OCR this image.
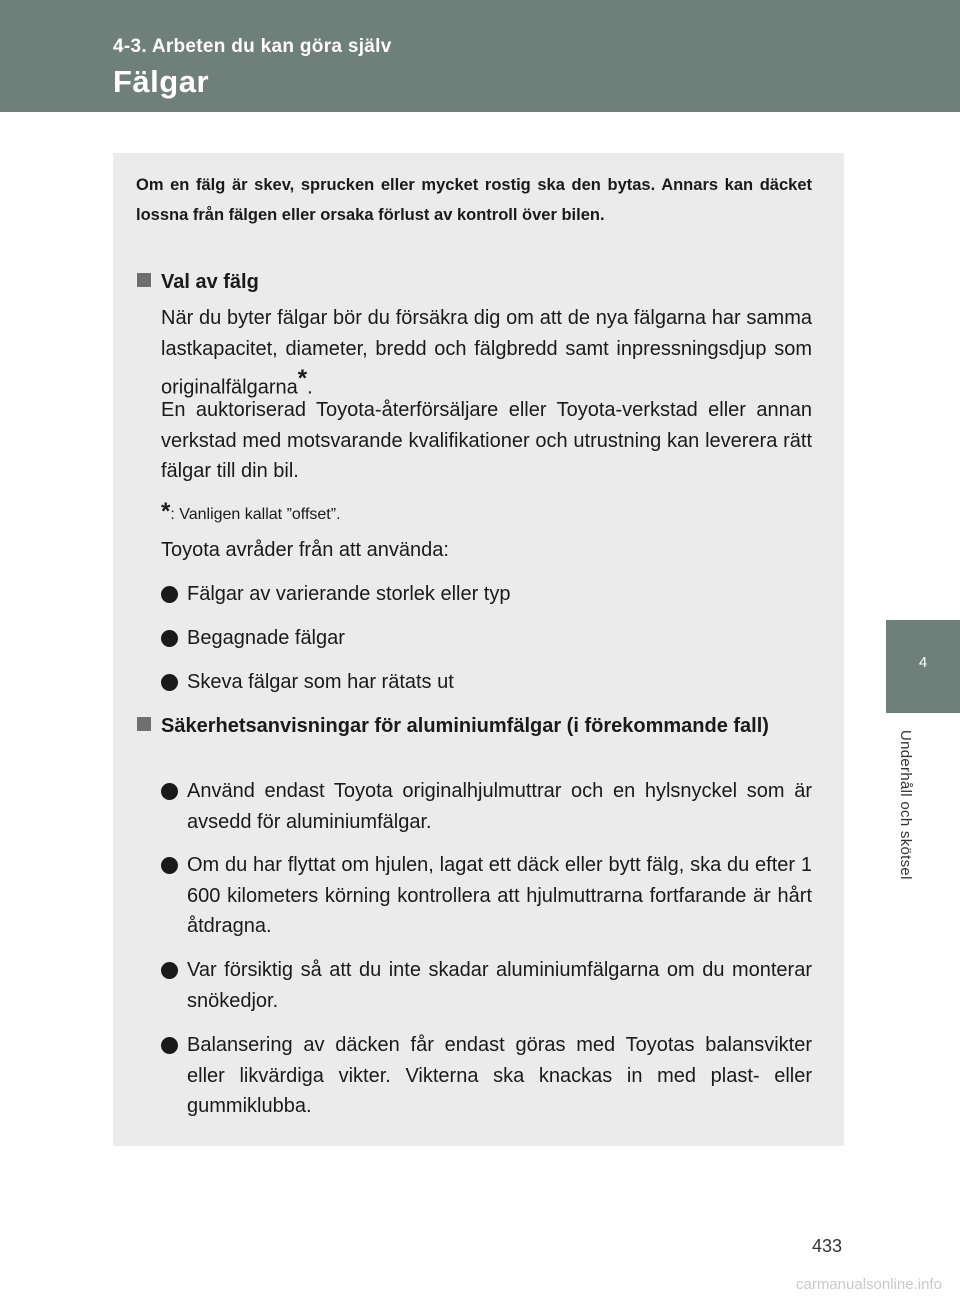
4-3. Arbeten du kan göra själv
Fälgar
4
Underhåll och skötsel
Om en fälg är skev, sprucken eller mycket rostig ska den bytas. Annars kan däcket lossna från fälgen eller orsaka förlust av kontroll över bilen.
Val av fälg
När du byter fälgar bör du försäkra dig om att de nya fälgarna har samma lastkapacitet, diameter, bredd och fälgbredd samt inpressningsdjup som originalfälgarna*.
En auktoriserad Toyota-återförsäljare eller Toyota-verkstad eller annan verkstad med motsvarande kvalifikationer och utrustning kan leverera rätt fälgar till din bil.
*: Vanligen kallat ”offset”.
Toyota avråder från att använda:
Fälgar av varierande storlek eller typ
Begagnade fälgar
Skeva fälgar som har rätats ut
Säkerhetsanvisningar för aluminiumfälgar (i förekommande fall)
Använd endast Toyota originalhjulmuttrar och en hylsnyckel som är avsedd för aluminiumfälgar.
Om du har flyttat om hjulen, lagat ett däck eller bytt fälg, ska du efter 1 600 kilometers körning kontrollera att hjulmuttrarna fortfarande är hårt åtdragna.
Var försiktig så att du inte skadar aluminiumfälgarna om du monterar snökedjor.
Balansering av däcken får endast göras med Toyotas balansvikter eller likvärdiga vikter. Vikterna ska knackas in med plast- eller gummiklubba.
433
carmanualsonline.info
